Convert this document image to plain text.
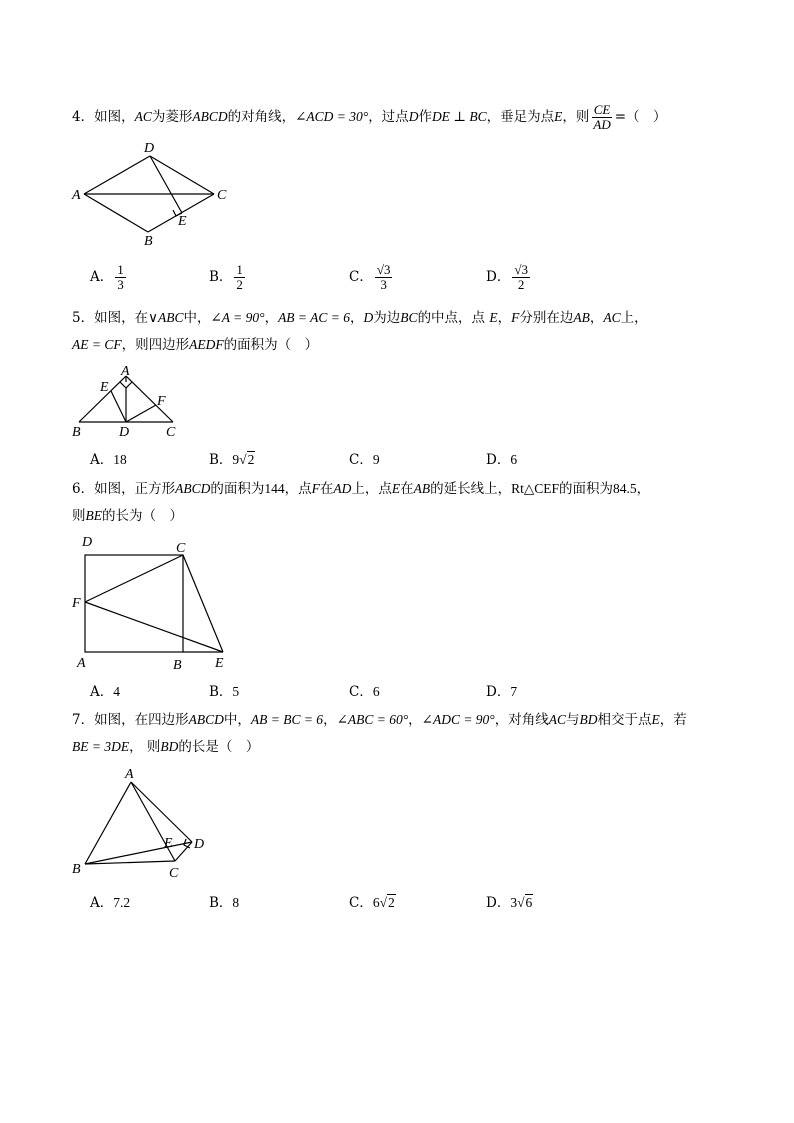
4．如图，AC为菱形ABCD的对角线，∠ACD = 30°，过点D作DE ⊥ BC，垂足为点E，则 $\frac{CE}{AD}$ =（　）
A
D
C
B
E
A． $\frac{1}{3}$	B． $\frac{1}{2}$	C． $\frac{√3}{3}$	D． $\frac{√3}{2}$
5．如图，在∨ABC中，∠A = 90°，AB = AC = 6，D为边BC的中点，点 E，F分别在边AB，AC上，
AE = CF，则四边形AEDF的面积为（　）
A
E
F
B	D	C
A．18	B．9√2	C．9	D．6
6．如图，正方形ABCD的面积为144，点F在AD上，点E在AB的延长线上，Rt△CEF的面积为84.5，
则BE的长为（　）
D	C
F
A	B E
A．4	B．5	C．6	D．7
7．如图，在四边形ABCD中，AB = BC = 6，∠ABC = 60°，∠ADC = 90°，对角线AC与BD相交于点E，若
BE = 3DE， 则BD的长是（　）
A
E D
B	C
A．7.2	B．8	C．6√2	D．3√6
